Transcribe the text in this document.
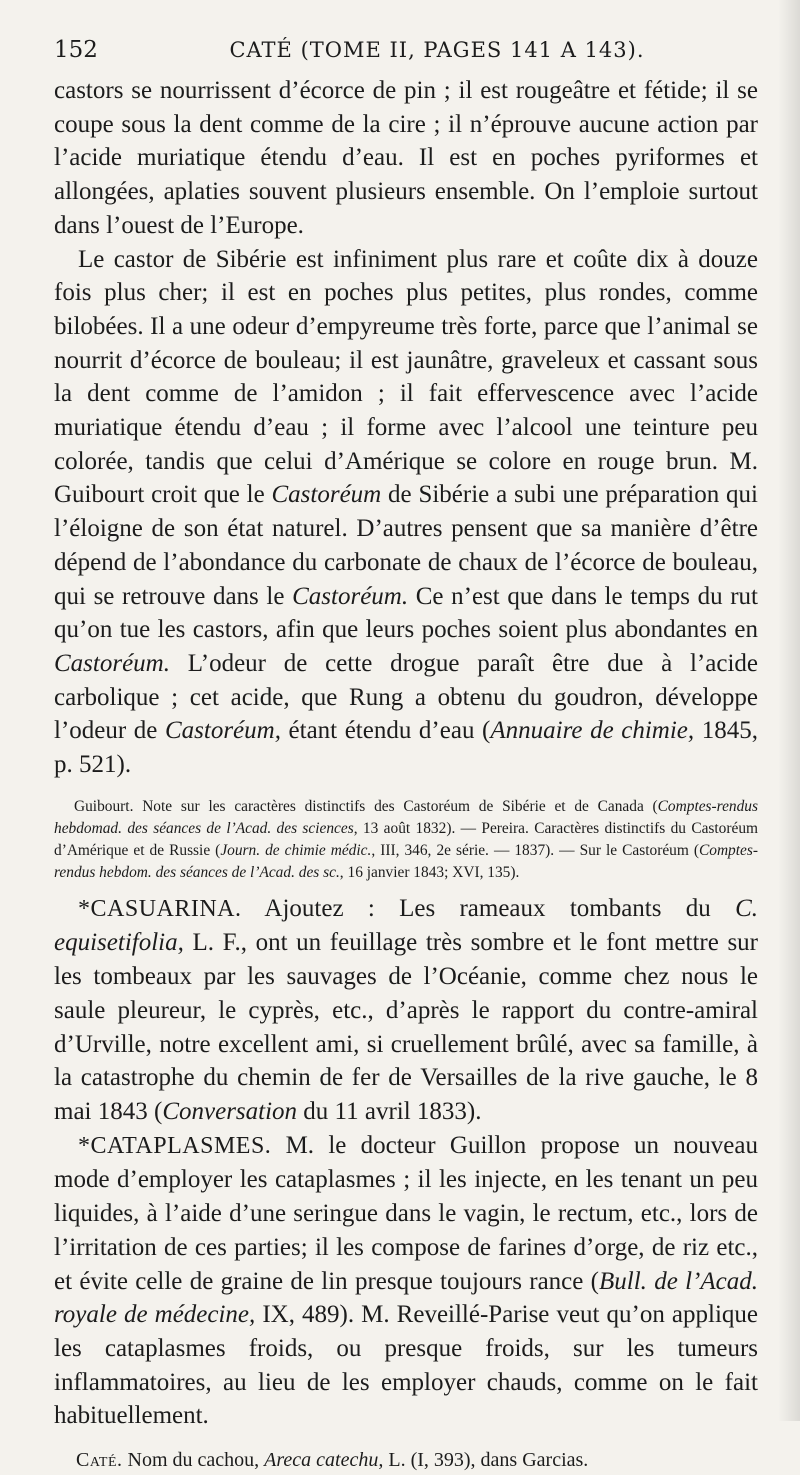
152	CATÉ (TOME II, PAGES 141 A 143).

castors se nourrissent d’écorce de pin ; il est rougeâtre et fétide; il se coupe sous la dent comme de la cire ; il n’éprouve aucune action par l’acide muriatique étendu d’eau. Il est en poches pyriformes et allongées, aplaties souvent plusieurs ensemble. On l’emploie surtout dans l’ouest de l’Europe.

Le castor de Sibérie est infiniment plus rare et coûte dix à douze fois plus cher; il est en poches plus petites, plus rondes, comme bilobées. Il a une odeur d’empyreume très forte, parce que l’animal se nourrit d’écorce de bouleau; il est jaunâtre, graveleux et cassant sous la dent comme de l’amidon ; il fait effervescence avec l’acide muriatique étendu d’eau ; il forme avec l’alcool une teinture peu colorée, tandis que celui d’Amérique se colore en rouge brun. M. Guibourt croit que le Castoréum de Sibérie a subi une préparation qui l’éloigne de son état naturel. D’autres pensent que sa manière d’être dépend de l’abondance du carbonate de chaux de l’écorce de bouleau, qui se retrouve dans le Castoréum. Ce n’est que dans le temps du rut qu’on tue les castors, afin que leurs poches soient plus abondantes en Castoréum. L’odeur de cette drogue paraît être due à l’acide carbolique ; cet acide, que Rung a obtenu du goudron, développe l’odeur de Castoréum, étant étendu d’eau (Annuaire de chimie, 1845, p. 521).

Guibourt. Note sur les caractères distinctifs des Castoréum de Sibérie et de Canada (Comptes-rendus hebdomad. des séances de l’Acad. des sciences, 13 août 1832). — Pereira. Caractères distinctifs du Castoréum d’Amérique et de Russie (Journ. de chimie médic., III, 346, 2e série. — 1837). — Sur le Castoréum (Comptes-rendus hebdom. des séances de l’Acad. des sc., 16 janvier 1843; XVI, 135).

*CASUARINA. Ajoutez : Les rameaux tombants du C. equisetifolia, L. F., ont un feuillage très sombre et le font mettre sur les tombeaux par les sauvages de l’Océanie, comme chez nous le saule pleureur, le cyprès, etc., d’après le rapport du contre-amiral d’Urville, notre excellent ami, si cruellement brûlé, avec sa famille, à la catastrophe du chemin de fer de Versailles de la rive gauche, le 8 mai 1843 (Conversation du 11 avril 1833).

*CATAPLASMES. M. le docteur Guillon propose un nouveau mode d’employer les cataplasmes ; il les injecte, en les tenant un peu liquides, à l’aide d’une seringue dans le vagin, le rectum, etc., lors de l’irritation de ces parties; il les compose de farines d’orge, de riz etc., et évite celle de graine de lin presque toujours rance (Bull. de l’Acad. royale de médecine, IX, 489). M. Reveillé-Parise veut qu’on applique les cataplasmes froids, ou presque froids, sur les tumeurs inflammatoires, au lieu de les employer chauds, comme on le fait habituellement.

Caté. Nom du cachou, Areca catechu, L. (I, 393), dans Garcias.
